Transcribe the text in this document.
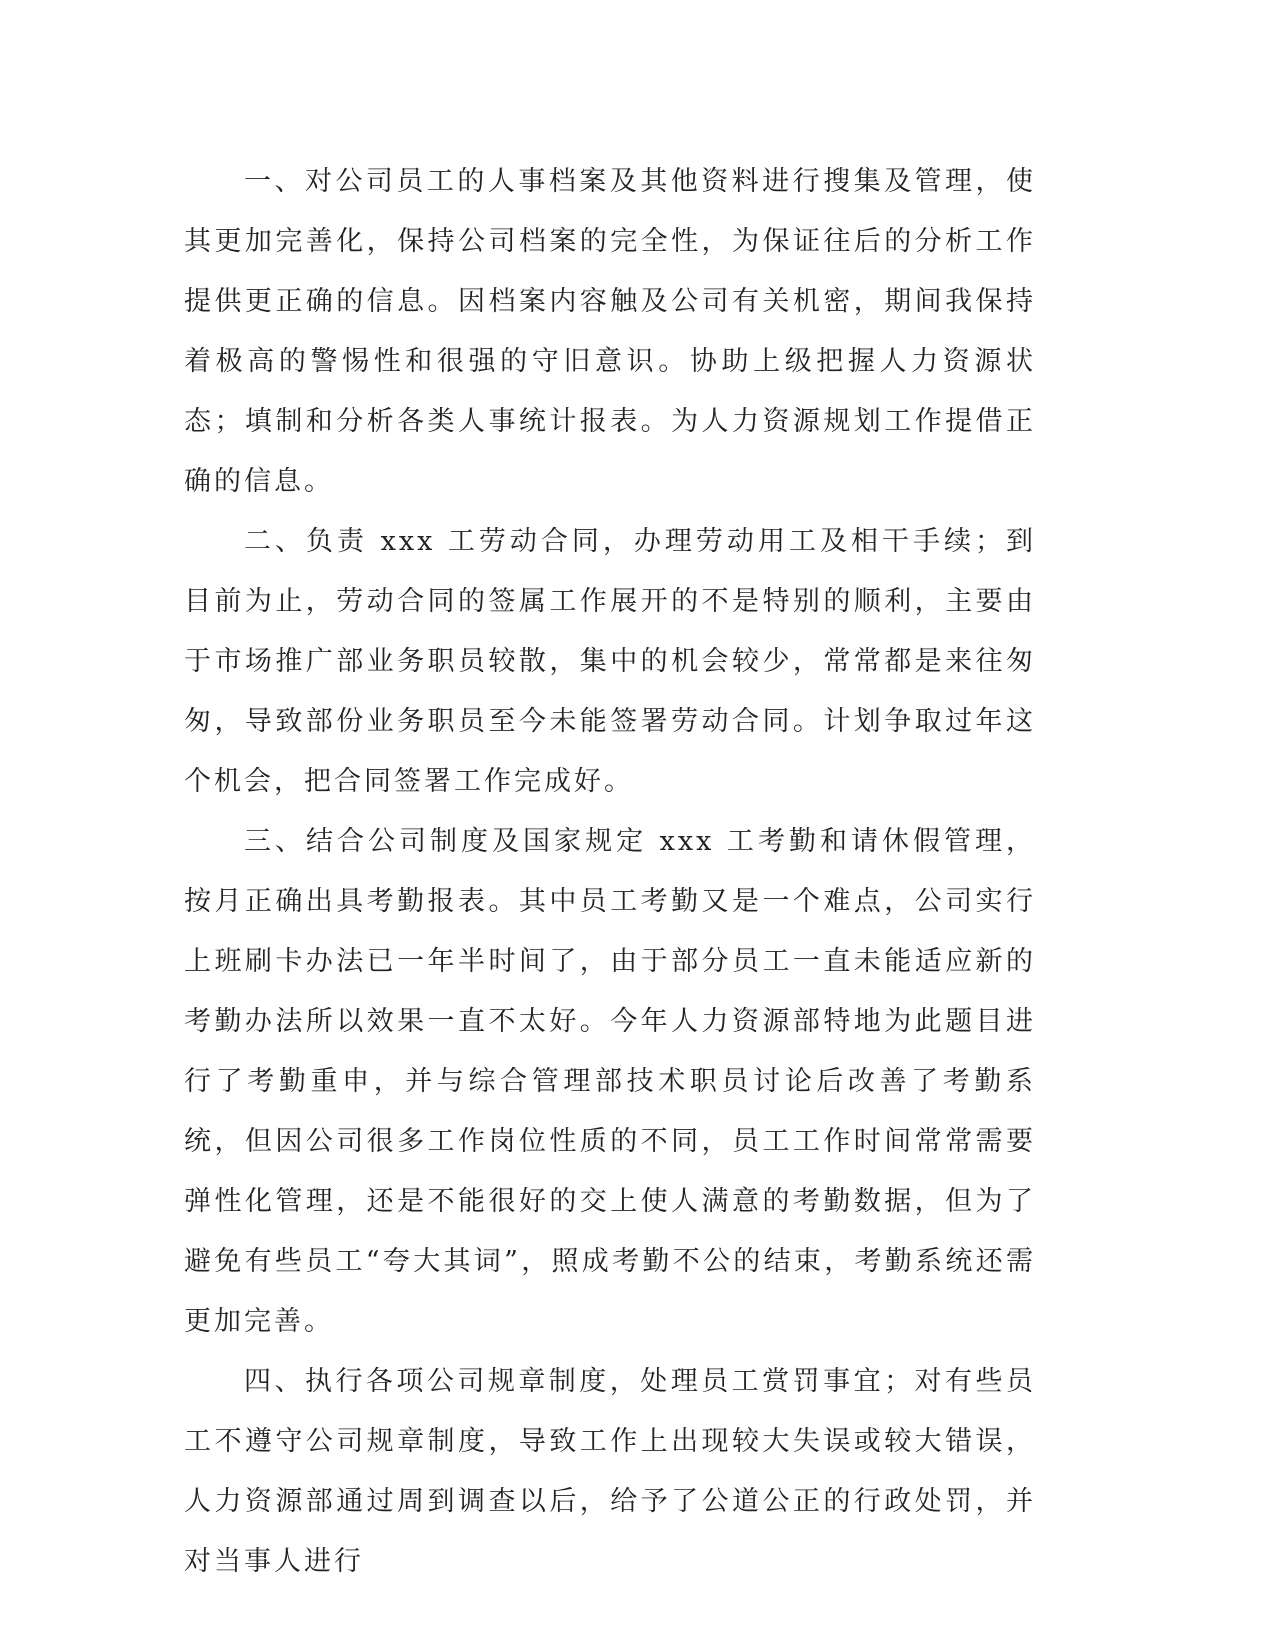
一、对公司员工的人事档案及其他资料进行搜集及管理，使其更加完善化，保持公司档案的完全性，为保证往后的分析工作提供更正确的信息。因档案内容触及公司有关机密，期间我保持着极高的警惕性和很强的守旧意识。协助上级把握人力资源状态；填制和分析各类人事统计报表。为人力资源规划工作提借正确的信息。

二、负责 xxx 工劳动合同，办理劳动用工及相干手续；到目前为止，劳动合同的签属工作展开的不是特别的顺利，主要由于市场推广部业务职员较散，集中的机会较少，常常都是来往匆匆，导致部份业务职员至今未能签署劳动合同。计划争取过年这个机会，把合同签署工作完成好。

三、结合公司制度及国家规定 xxx 工考勤和请休假管理，按月正确出具考勤报表。其中员工考勤又是一个难点，公司实行上班刷卡办法已一年半时间了，由于部分员工一直未能适应新的考勤办法所以效果一直不太好。今年人力资源部特地为此题目进行了考勤重申，并与综合管理部技术职员讨论后改善了考勤系统，但因公司很多工作岗位性质的不同，员工工作时间常常需要弹性化管理，还是不能很好的交上使人满意的考勤数据，但为了避免有些员工“夸大其词”，照成考勤不公的结束，考勤系统还需更加完善。

四、执行各项公司规章制度，处理员工赏罚事宜；对有些员工不遵守公司规章制度，导致工作上出现较大失误或较大错误，人力资源部通过周到调查以后，给予了公道公正的行政处罚，并对当事人进行
